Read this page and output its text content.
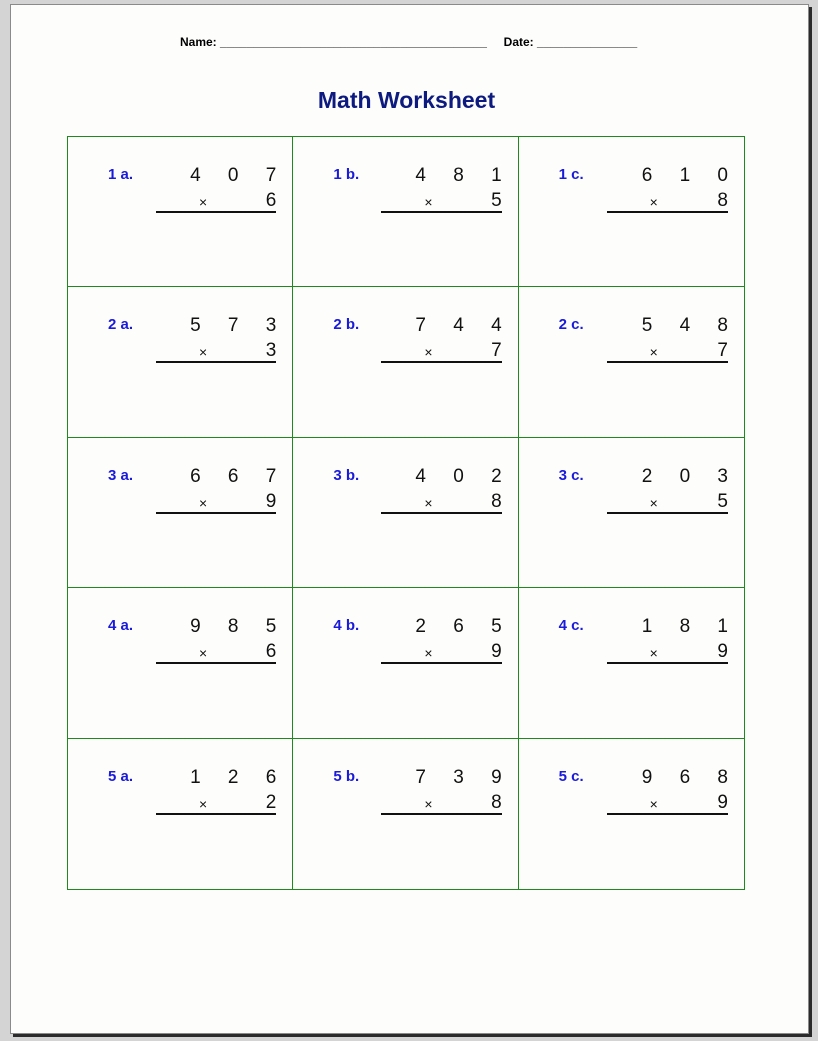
Name: ________________________________________ Date: _______________
Math Worksheet
1 a.	4 0 7
×	6
1 b.	4 8 1
×	5
1 c.	6 1 0
×	8
2 a.	5 7 3
×	3
2 b.	7 4 4
×	7
2 c.	5 4 8
×	7
3 a.	6 6 7
×	9
3 b.	4 0 2
×	8
3 c.	2 0 3
×	5
4 a.	9 8 5
×	6
4 b.	2 6 5
×	9
4 c.	1 8 1
×	9
5 a.	1 2 6
×	2
5 b.	7 3 9
×	8
5 c.	9 6 8
×	9
